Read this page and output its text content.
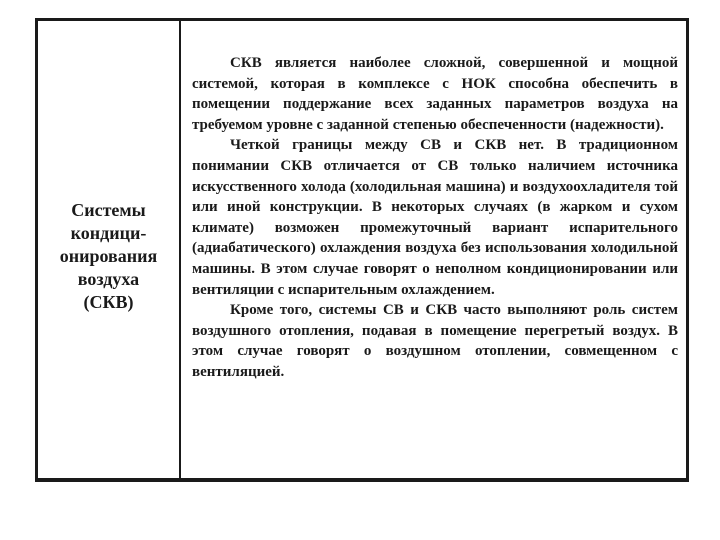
Системы
кондици-
онирования
воздуха
(СКВ)

СКВ является наиболее сложной, совершенной и мощной системой, которая в комплексе с НОК способна обеспечить в помещении поддержание всех заданных параметров воздуха на требуемом уровне с заданной степенью обеспеченности (надежности).

Четкой границы между СВ и СКВ нет. В традиционном понимании СКВ отличается от СВ только наличием источника искусственного холода (холодильная машина) и воздухоохладителя той или иной конструкции. В некоторых случаях (в жарком и сухом климате) возможен промежуточный вариант испарительного (адиабатического) охлаждения воздуха без использования холодильной машины. В этом случае говорят о неполном кондиционировании или вентиляции с испарительным охлаждением.

Кроме того, системы СВ и СКВ часто выполняют роль систем воздушного отопления, подавая в помещение перегретый воздух. В этом случае говорят о воздушном отоплении, совмещенном с вентиляцией.
